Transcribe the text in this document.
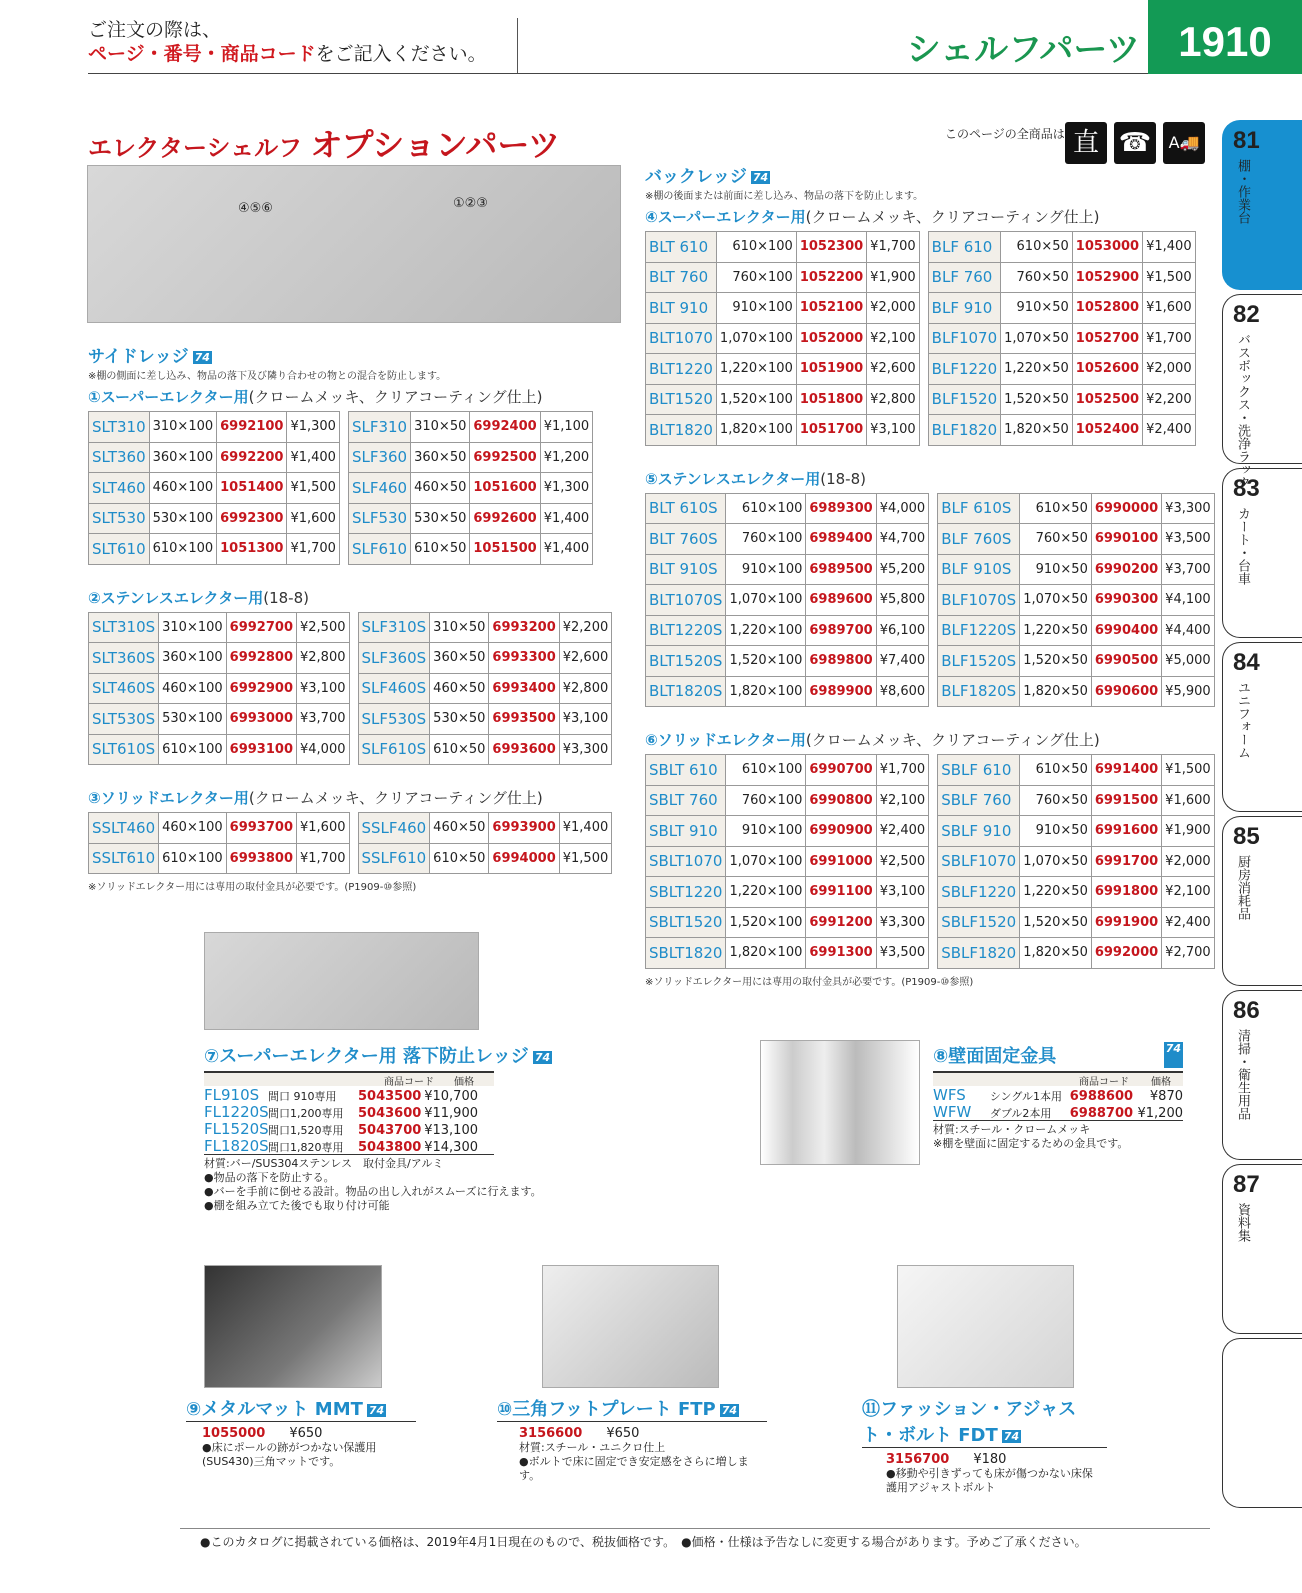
ご注文の際は、
ページ・番号・商品コードをご記入ください。	シェルフパーツ 1910
エレクターシェルフ オプションパーツ	このページの全商品は 直 ☎	A🚚
④⑤⑥	①②③
サイドレッジ 74
※棚の側面に差し込み、物品の落下及び隣り合わせの物との混合を防止します。
①スーパーエレクター用(クロームメッキ、クリアコーティング仕上)
SLT310	310×100	6992100	¥1,300
SLT360	360×100	6992200	¥1,400
SLT460	460×100	1051400	¥1,500
SLT530	530×100	6992300	¥1,600
SLT610	610×100	1051300	¥1,700
SLF310	310×50	6992400	¥1,100
SLF360	360×50	6992500	¥1,200
SLF460	460×50	1051600	¥1,300
SLF530	530×50	6992600	¥1,400
SLF610	610×50	1051500	¥1,400
②ステンレスエレクター用(18-8)
SLT310S	310×100	6992700	¥2,500
SLT360S	360×100	6992800	¥2,800
SLT460S	460×100	6992900	¥3,100
SLT530S	530×100	6993000	¥3,700
SLT610S	610×100	6993100	¥4,000
SLF310S	310×50	6993200	¥2,200
SLF360S	360×50	6993300	¥2,600
SLF460S	460×50	6993400	¥2,800
SLF530S	530×50	6993500	¥3,100
SLF610S	610×50	6993600	¥3,300
③ソリッドエレクター用(クロームメッキ、クリアコーティング仕上)
SSLT460	460×100	6993700	¥1,600
SSLT610	610×100	6993800	¥1,700
SSLF460	460×50	6993900	¥1,400
SSLF610	610×50	6994000	¥1,500
※ソリッドエレクター用には専用の取付金具が必要です。(P1909-⑩参照)
バックレッジ 74
※棚の後面または前面に差し込み、物品の落下を防止します。
④スーパーエレクター用(クロームメッキ、クリアコーティング仕上)
BLT 610	610×100	1052300	¥1,700
BLT 760	760×100	1052200	¥1,900
BLT 910	910×100	1052100	¥2,000
BLT1070	1,070×100	1052000	¥2,100
BLT1220	1,220×100	1051900	¥2,600
BLT1520	1,520×100	1051800	¥2,800
BLT1820	1,820×100	1051700	¥3,100
BLF 610	610×50	1053000	¥1,400
BLF 760	760×50	1052900	¥1,500
BLF 910	910×50	1052800	¥1,600
BLF1070	1,070×50	1052700	¥1,700
BLF1220	1,220×50	1052600	¥2,000
BLF1520	1,520×50	1052500	¥2,200
BLF1820	1,820×50	1052400	¥2,400
⑤ステンレスエレクター用(18-8)
BLT 610S	610×100	6989300	¥4,000
BLT 760S	760×100	6989400	¥4,700
BLT 910S	910×100	6989500	¥5,200
BLT1070S	1,070×100	6989600	¥5,800
BLT1220S	1,220×100	6989700	¥6,100
BLT1520S	1,520×100	6989800	¥7,400
BLT1820S	1,820×100	6989900	¥8,600
BLF 610S	610×50	6990000	¥3,300
BLF 760S	760×50	6990100	¥3,500
BLF 910S	910×50	6990200	¥3,700
BLF1070S	1,070×50	6990300	¥4,100
BLF1220S	1,220×50	6990400	¥4,400
BLF1520S	1,520×50	6990500	¥5,000
BLF1820S	1,820×50	6990600	¥5,900
⑥ソリッドエレクター用(クロームメッキ、クリアコーティング仕上)
SBLT 610	610×100	6990700	¥1,700
SBLT 760	760×100	6990800	¥2,100
SBLT 910	910×100	6990900	¥2,400
SBLT1070	1,070×100	6991000	¥2,500
SBLT1220	1,220×100	6991100	¥3,100
SBLT1520	1,520×100	6991200	¥3,300
SBLT1820	1,820×100	6991300	¥3,500
SBLF 610	610×50	6991400	¥1,500
SBLF 760	760×50	6991500	¥1,600
SBLF 910	910×50	6991600	¥1,900
SBLF1070	1,070×50	6991700	¥2,000
SBLF1220	1,220×50	6991800	¥2,100
SBLF1520	1,520×50	6991900	¥2,400
SBLF1820	1,820×50	6992000	¥2,700
※ソリッドエレクター用には専用の取付金具が必要です。(P1909-⑩参照)
⑦スーパーエレクター用 落下防止レッジ 74
商品コード 価格
FL910S 間口 910専用	5043500 ¥10,700
FL1220S 間口1,200専用	5043600 ¥11,900
FL1520S 間口1,520専用	5043700 ¥13,100
FL1820S 間口1,820専用	5043800 ¥14,300
材質:バー/SUS304ステンレス　取付金具/アルミ
●物品の落下を防止する。
●バーを手前に倒せる設計。物品の出し入れがスムーズに行えます。
●棚を組み立てた後でも取り付け可能
⑧壁面固定金具	74
商品コード 価格
WFS	シングル1本用 6988600	¥870
WFW	ダブル2本用	6988700 ¥1,200
材質:スチール・クロームメッキ
※棚を壁面に固定するための金具です。
⑨メタルマット MMT 74
1055000 ¥650
●床にポールの跡がつかない保護用
(SUS430)三角マットです。
⑩三角フットプレート FTP 74
3156600 ¥650
材質:スチール・ユニクロ仕上
●ボルトで床に固定でき安定感をさらに増します。
⑪ファッション・アジャスト・ボルト FDT 74
3156700 ¥180
●移動や引きずっても床が傷つかない床保
護用アジャストボルト
81
棚・作業台
82
バスボックス・洗浄ラック
83
カート・台車
84
ユニフォーム
85
厨房消耗品
86
清掃・衛生用品
87
資料集
●このカタログに掲載されている価格は、2019年4月1日現在のもので、税抜価格です。　 ●価格・仕様は予告なしに変更する場合があります。予めご了承ください。
